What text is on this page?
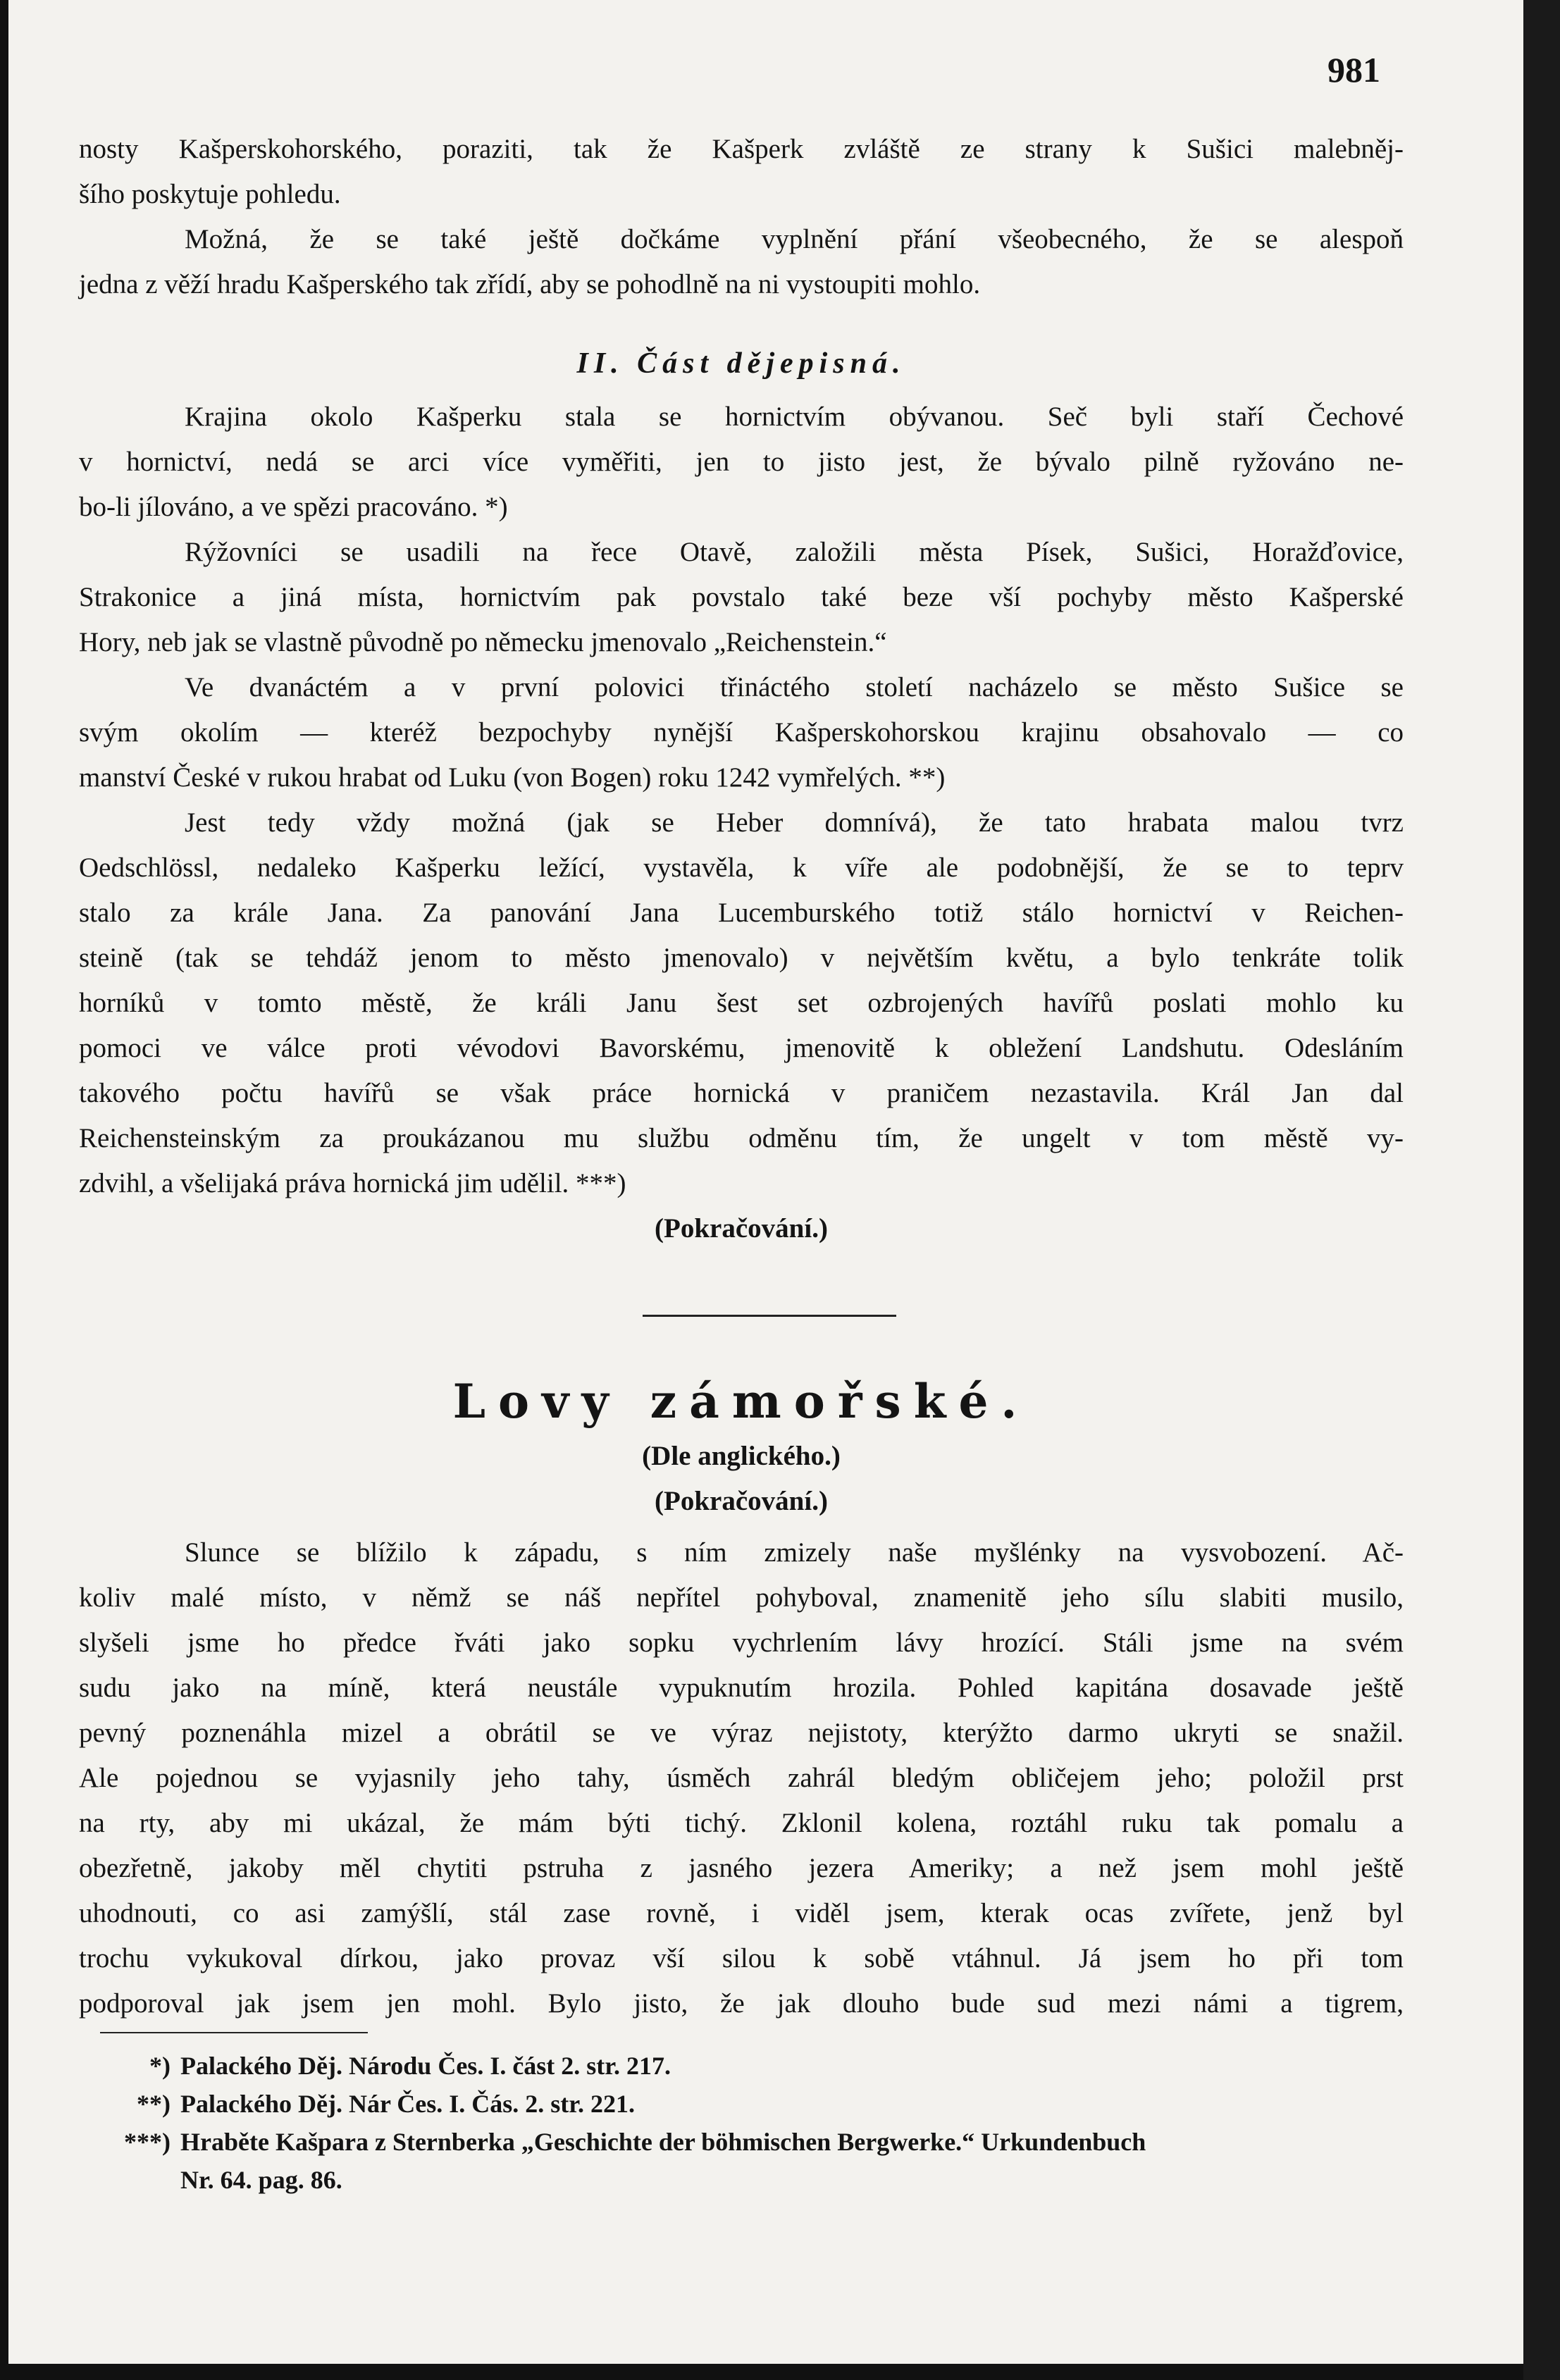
981
nosty Kašperskohorského, poraziti, tak že Kašperk zvláště ze strany k Sušici malebněj-
šího poskytuje pohledu.
Možná, že se také ještě dočkáme vyplnění přání všeobecného, že se alespoň
jedna z věží hradu Kašperského tak zřídí, aby se pohodlně na ni vystoupiti mohlo.
II. Část dějepisná.
Krajina okolo Kašperku stala se hornictvím obývanou. Seč byli staří Čechové
v hornictví, nedá se arci více vyměřiti, jen to jisto jest, že bývalo pilně ryžováno ne-
bo-li jílováno, a ve spězi pracováno. *)
Rýžovníci se usadili na řece Otavě, založili města Písek, Sušici, Horažďovice,
Strakonice a jiná místa, hornictvím pak povstalo také beze vší pochyby město Kašperské
Hory, neb jak se vlastně původně po německu jmenovalo „Reichenstein.“
Ve dvanáctém a v první polovici třináctého století nacházelo se město Sušice se
svým okolím — kteréž bezpochyby nynější Kašperskohorskou krajinu obsahovalo — co
manství České v rukou hrabat od Luku (von Bogen) roku 1242 vymřelých. **)
Jest tedy vždy možná (jak se Heber domnívá), že tato hrabata malou tvrz
Oedschlössl, nedaleko Kašperku ležící, vystavěla, k víře ale podobnější, že se to teprv
stalo za krále Jana. Za panování Jana Lucemburského totiž stálo hornictví v Reichen-
steině (tak se tehdáž jenom to město jmenovalo) v největším květu, a bylo tenkráte tolik
horníků v tomto městě, že králi Janu šest set ozbrojených havířů poslati mohlo ku
pomoci ve válce proti vévodovi Bavorskému, jmenovitě k obležení Landshutu. Odesláním
takového počtu havířů se však práce hornická v praničem nezastavila. Král Jan dal
Reichensteinským za proukázanou mu službu odměnu tím, že ungelt v tom městě vy-
zdvihl, a všelijaká práva hornická jim udělil. ***)
(Pokračování.)
Lovy zámořské.
(Dle anglického.)
(Pokračování.)
Slunce se blížilo k západu, s ním zmizely naše myšlénky na vysvobození. Ač-
koliv malé místo, v němž se náš nepřítel pohyboval, znamenitě jeho sílu slabiti musilo,
slyšeli jsme ho předce řváti jako sopku vychrlením lávy hrozící. Stáli jsme na svém
sudu jako na míně, která neustále vypuknutím hrozila. Pohled kapitána dosavade ještě
pevný poznenáhla mizel a obrátil se ve výraz nejistoty, kterýžto darmo ukryti se snažil.
Ale pojednou se vyjasnily jeho tahy, úsměch zahrál bledým obličejem jeho; položil prst
na rty, aby mi ukázal, že mám býti tichý. Zklonil kolena, roztáhl ruku tak pomalu a
obezřetně, jakoby měl chytiti pstruha z jasného jezera Ameriky; a než jsem mohl ještě
uhodnouti, co asi zamýšlí, stál zase rovně, i viděl jsem, kterak ocas zvířete, jenž byl
trochu vykukoval dírkou, jako provaz vší silou k sobě vtáhnul. Já jsem ho při tom
podporoval jak jsem jen mohl. Bylo jisto, že jak dlouho bude sud mezi námi a tigrem,
*) Palackého Děj. Národu Čes. I. část 2. str. 217.
**) Palackého Děj. Nár Čes. I. Čás. 2. str. 221.
***) Hraběte Kašpara z Sternberka „Geschichte der böhmischen Bergwerke.“ Urkundenbuch
Nr. 64. pag. 86.
